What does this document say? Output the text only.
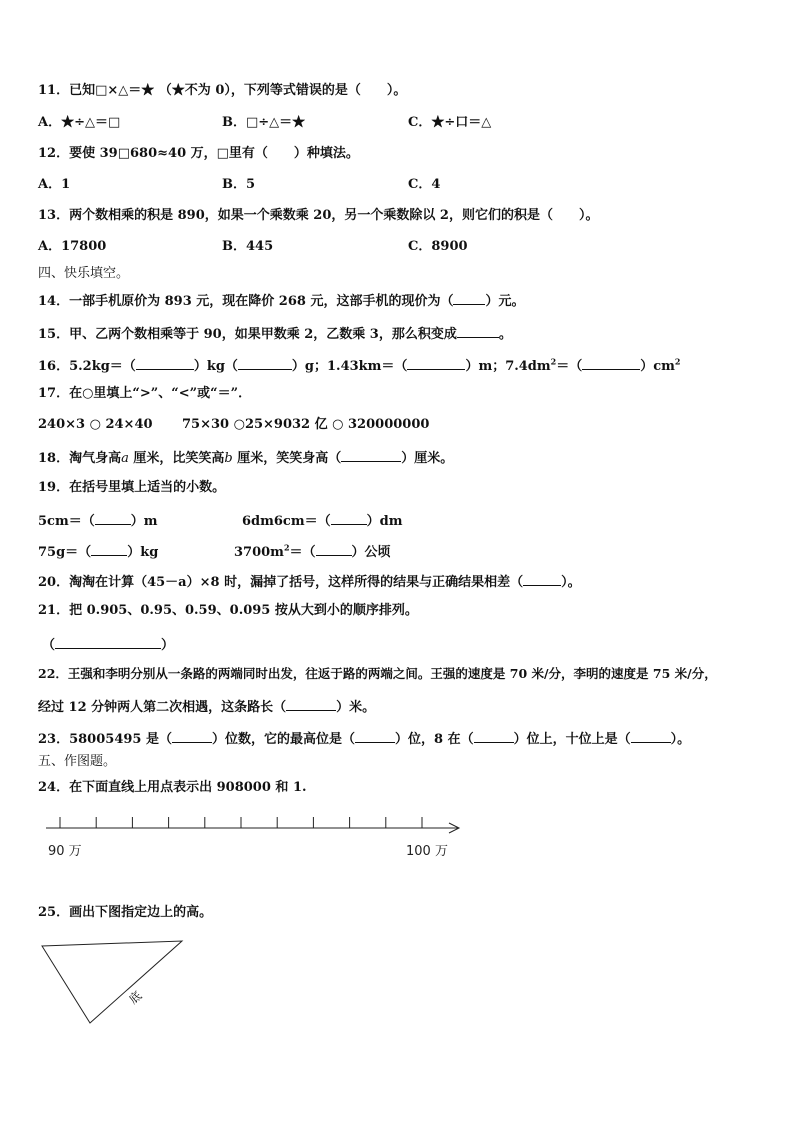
11．已知□×△＝★ （★不为 0），下列等式错误的是（　　）。
A．★÷△＝□	B．□÷△＝★	C．★÷口＝△
12．要使 39□680≈40 万，□里有（　　）种填法。
A．1	B．5	C．4
13．两个数相乘的积是 890，如果一个乘数乘 20，另一个乘数除以 2，则它们的积是（　　）。
A．17800	B．445	C．8900
四、快乐填空。
14．一部手机原价为 893 元，现在降价 268 元，这部手机的现价为（ ）元。
15．甲、乙两个数相乘等于 90，如果甲数乘 2，乙数乘 3，那么积变成	。
16．5.2kg＝（	）kg（	）g；1.43km＝（	）m；$7.4dm^2=$（	）$cm^2$
17．在○里填上“>”、“<”或“＝”．
240×3 ○ 24×40 75×30 ○25×90 32 亿 ○ 320000000
18．淘气身高a 厘米，比笑笑高b 厘米，笑笑身高（	）厘米。
19．在括号里填上适当的小数。
5cm＝（	）m	6dm6cm＝（	）dm
75g＝（	）kg	$3700m^2=$（	）公顷
20．淘淘在计算（45－a）×8 时，漏掉了括号，这样所得的结果与正确结果相差（	）。
21．把 0.905、0.95、0.59、0.095 按从大到小的顺序排列。
（	）
22．王强和李明分别从一条路的两端同时出发，往返于路的两端之间。王强的速度是 70 米/分，李明的速度是 75 米/分，
经过 12 分钟两人第二次相遇，这条路长（	）米。
23．58005495 是（	）位数，它的最高位是（	）位，8 在（	）位上，十位上是（	）。
五、作图题。
24．在下面直线上用点表示出 908000 和 1.
90 万	100 万
底
25．画出下图指定边上的高。
